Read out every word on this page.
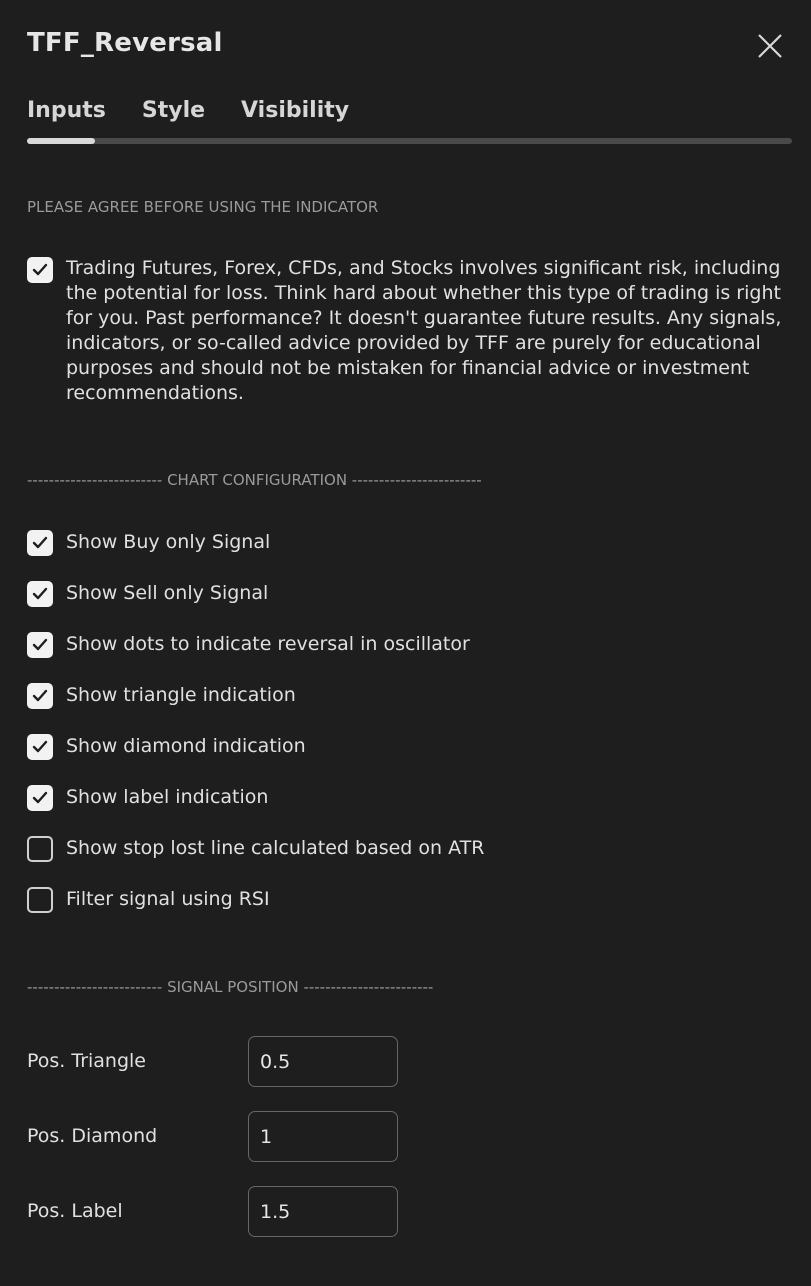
TFF_Reversal
Inputs Style Visibility
PLEASE AGREE BEFORE USING THE INDICATOR
Trading Futures, Forex, CFDs, and Stocks involves significant risk, including the potential for loss. Think hard about whether this type of trading is right for you. Past performance? It doesn't guarantee future results. Any signals, indicators, or so-called advice provided by TFF are purely for educational purposes and should not be mistaken for financial advice or investment recommendations.
------------------------- CHART CONFIGURATION ------------------------
Show Buy only Signal
Show Sell only Signal
Show dots to indicate reversal in oscillator
Show triangle indication
Show diamond indication
Show label indication
Show stop lost line calculated based on ATR
Filter signal using RSI
------------------------- SIGNAL POSITION ------------------------
Pos. Triangle
0.5
Pos. Diamond
1
Pos. Label
1.5
